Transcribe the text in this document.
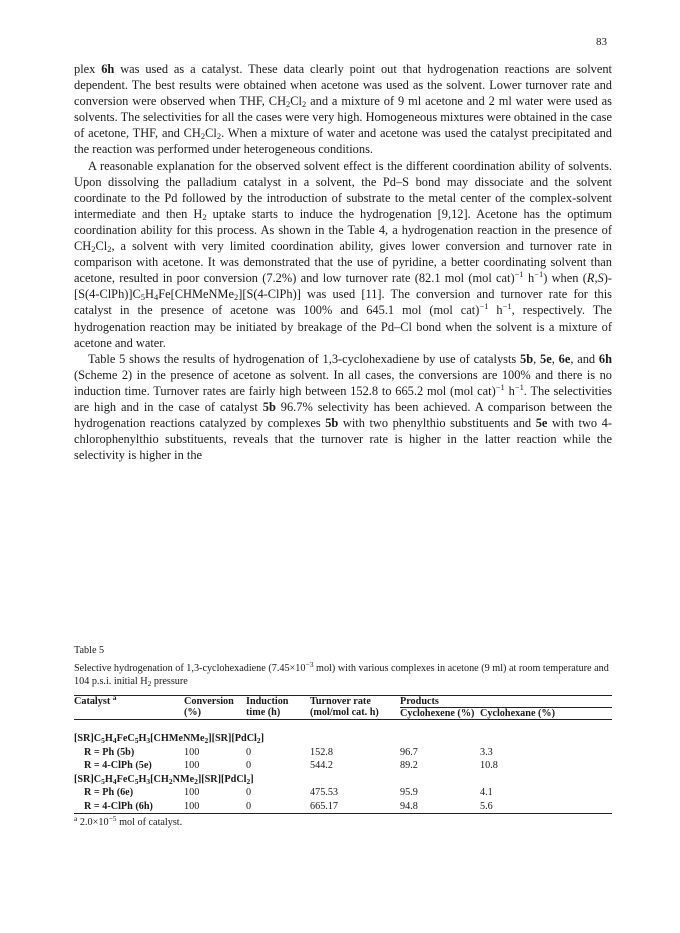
83

plex 6h was used as a catalyst. These data clearly point out that hydrogenation reactions are solvent dependent. The best results were obtained when acetone was used as the solvent. Lower turnover rate and conversion were observed when THF, $CH_2Cl_2$ and a mixture of 9 ml acetone and 2 ml water were used as solvents. The selectivities for all the cases were very high. Homogeneous mixtures were obtained in the case of acetone, THF, and $CH_2Cl_2$. When a mixture of water and acetone was used the catalyst precipitated and the reaction was performed under heterogeneous conditions.

A reasonable explanation for the observed solvent effect is the different coordination ability of solvents. Upon dissolving the palladium catalyst in a solvent, the Pd–S bond may dissociate and the solvent coordinate to the Pd followed by the introduction of substrate to the metal center of the complex-solvent intermediate and then $H_2$ uptake starts to induce the hydrogenation [9,12]. Acetone has the optimum coordination ability for this process. As shown in the Table 4, a hydrogenation reaction in the presence of $CH_2Cl_2$, a solvent with very limited coordination ability, gives lower conversion and turnover rate in comparison with acetone. It was demonstrated that the use of pyridine, a better coordinating solvent than acetone, resulted in poor conversion (7.2%) and low turnover rate (82.1 mol (mol cat)$^{-1}$ $h^{-1}$) when $(R,S)-[S(4-ClPh)]C_5H_4Fe[CHMeNMe_2][S(4-ClPh)]$ was used [11]. The conversion and turnover rate for this catalyst in the presence of acetone was 100% and 645.1 mol (mol cat)$^{-1}$ $h^{-1}$, respectively. The hydrogenation reaction may be initiated by breakage of the Pd–Cl bond when the solvent is a mixture of acetone and water.

Table 5 shows the results of hydrogenation of 1,3-cyclohexadiene by use of catalysts 5b, 5e, 6e, and 6h (Scheme 2) in the presence of acetone as solvent. In all cases, the conversions are 100% and there is no induction time. Turnover rates are fairly high between 152.8 to 665.2 mol (mol cat)$^{-1}$ $h^{-1}$. The selectivities are high and in the case of catalyst 5b 96.7% selectivity has been achieved. A comparison between the hydrogenation reactions catalyzed by complexes 5b with two phenylthio substituents and 5e with two 4-chlorophenylthio substituents, reveals that the turnover rate is higher in the latter reaction while the selectivity is higher in the

Table 5
Selective hydrogenation of 1,3-cyclohexadiene ($7.45\times 10^{-3}$ mol) with various complexes in acetone (9 ml) at room temperature and 104 p.s.i. initial $H_2$ pressure
Catalyst $^a$	Conversion (%)	Induction time (h)	Turnover rate (mol/mol cat. h)	Products	
				Cyclohexene (%)	Cyclohexane (%)
$[SR]C_5H_4FeC_5H_3[CHMeNMe_2][SR][PdCl_2]$					
R = Ph (5b)	100	0	152.8	96.7	3.3
R = 4-ClPh (5e)	100	0	544.2	89.2	10.8
$[SR]C_5H_4FeC_5H_3[CH_2NMe_2][SR][PdCl_2]$					
R = Ph (6e)	100	0	475.53	95.9	4.1
R = 4-ClPh (6h)	100	0	665.17	94.8	5.6
$^a$ $2.0\times 10^{-5}$ mol of catalyst.
